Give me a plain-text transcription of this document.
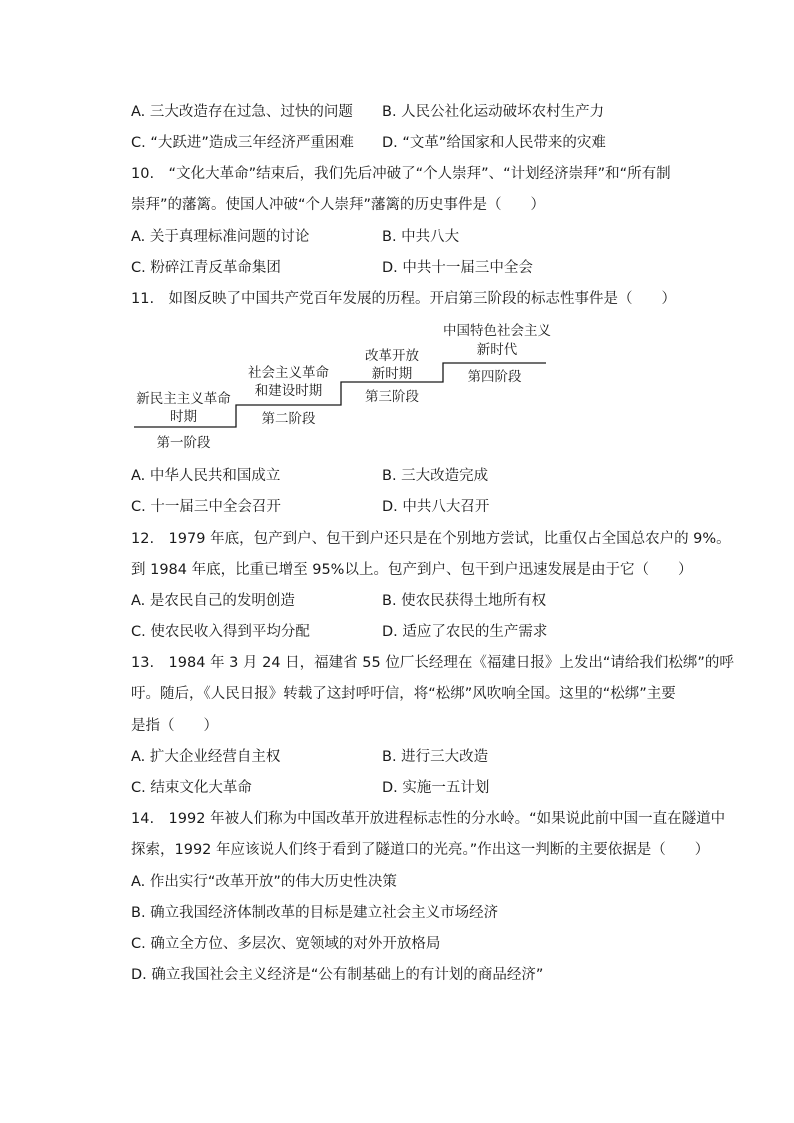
A. 三大改造存在过急、过快的问题 B. 人民公社化运动破坏农村生产力
C. “大跃进”造成三年经济严重困难 D. “文革”给国家和人民带来的灾难
10.　“文化大革命”结束后，我们先后冲破了“个人崇拜”、“计划经济崇拜”和“所有制
崇拜”的藩篱。使国人冲破“个人崇拜”藩篱的历史事件是（　　）
A. 关于真理标准问题的讨论	B. 中共八大
C. 粉碎江青反革命集团	D. 中共十一届三中全会
11.　如图反映了中国共产党百年发展的历程。开启第三阶段的标志性事件是（　　）
新民主主义革命
时期
第一阶段
社会主义革命
和建设时期
第二阶段
改革开放
新时期
第三阶段
中国特色社会主义
新时代
第四阶段
A. 中华人民共和国成立	B. 三大改造完成
C. 十一届三中全会召开	D. 中共八大召开
12.　1979 年底，包产到户、包干到户还只是在个别地方尝试，比重仅占全国总农户的 9%。
到 1984 年底，比重已增至 95%以上。包产到户、包干到户迅速发展是由于它（　　）
A. 是农民自己的发明创造	B. 使农民获得土地所有权
C. 使农民收入得到平均分配	D. 适应了农民的生产需求
13.　1984 年 3 月 24 日，福建省 55 位厂长经理在《福建日报》上发出“请给我们松绑”的呼
吁。随后，《人民日报》转载了这封呼吁信，将“松绑”风吹响全国。这里的“松绑”主要
是指（　　）
A. 扩大企业经营自主权	B. 进行三大改造
C. 结束文化大革命	D. 实施一五计划
14.　1992 年被人们称为中国改革开放进程标志性的分水岭。“如果说此前中国一直在隧道中
探索，1992 年应该说人们终于看到了隧道口的光亮。”作出这一判断的主要依据是（　　）
A. 作出实行“改革开放”的伟大历史性决策
B. 确立我国经济体制改革的目标是建立社会主义市场经济
C. 确立全方位、多层次、宽领域的对外开放格局
D. 确立我国社会主义经济是“公有制基础上的有计划的商品经济”
